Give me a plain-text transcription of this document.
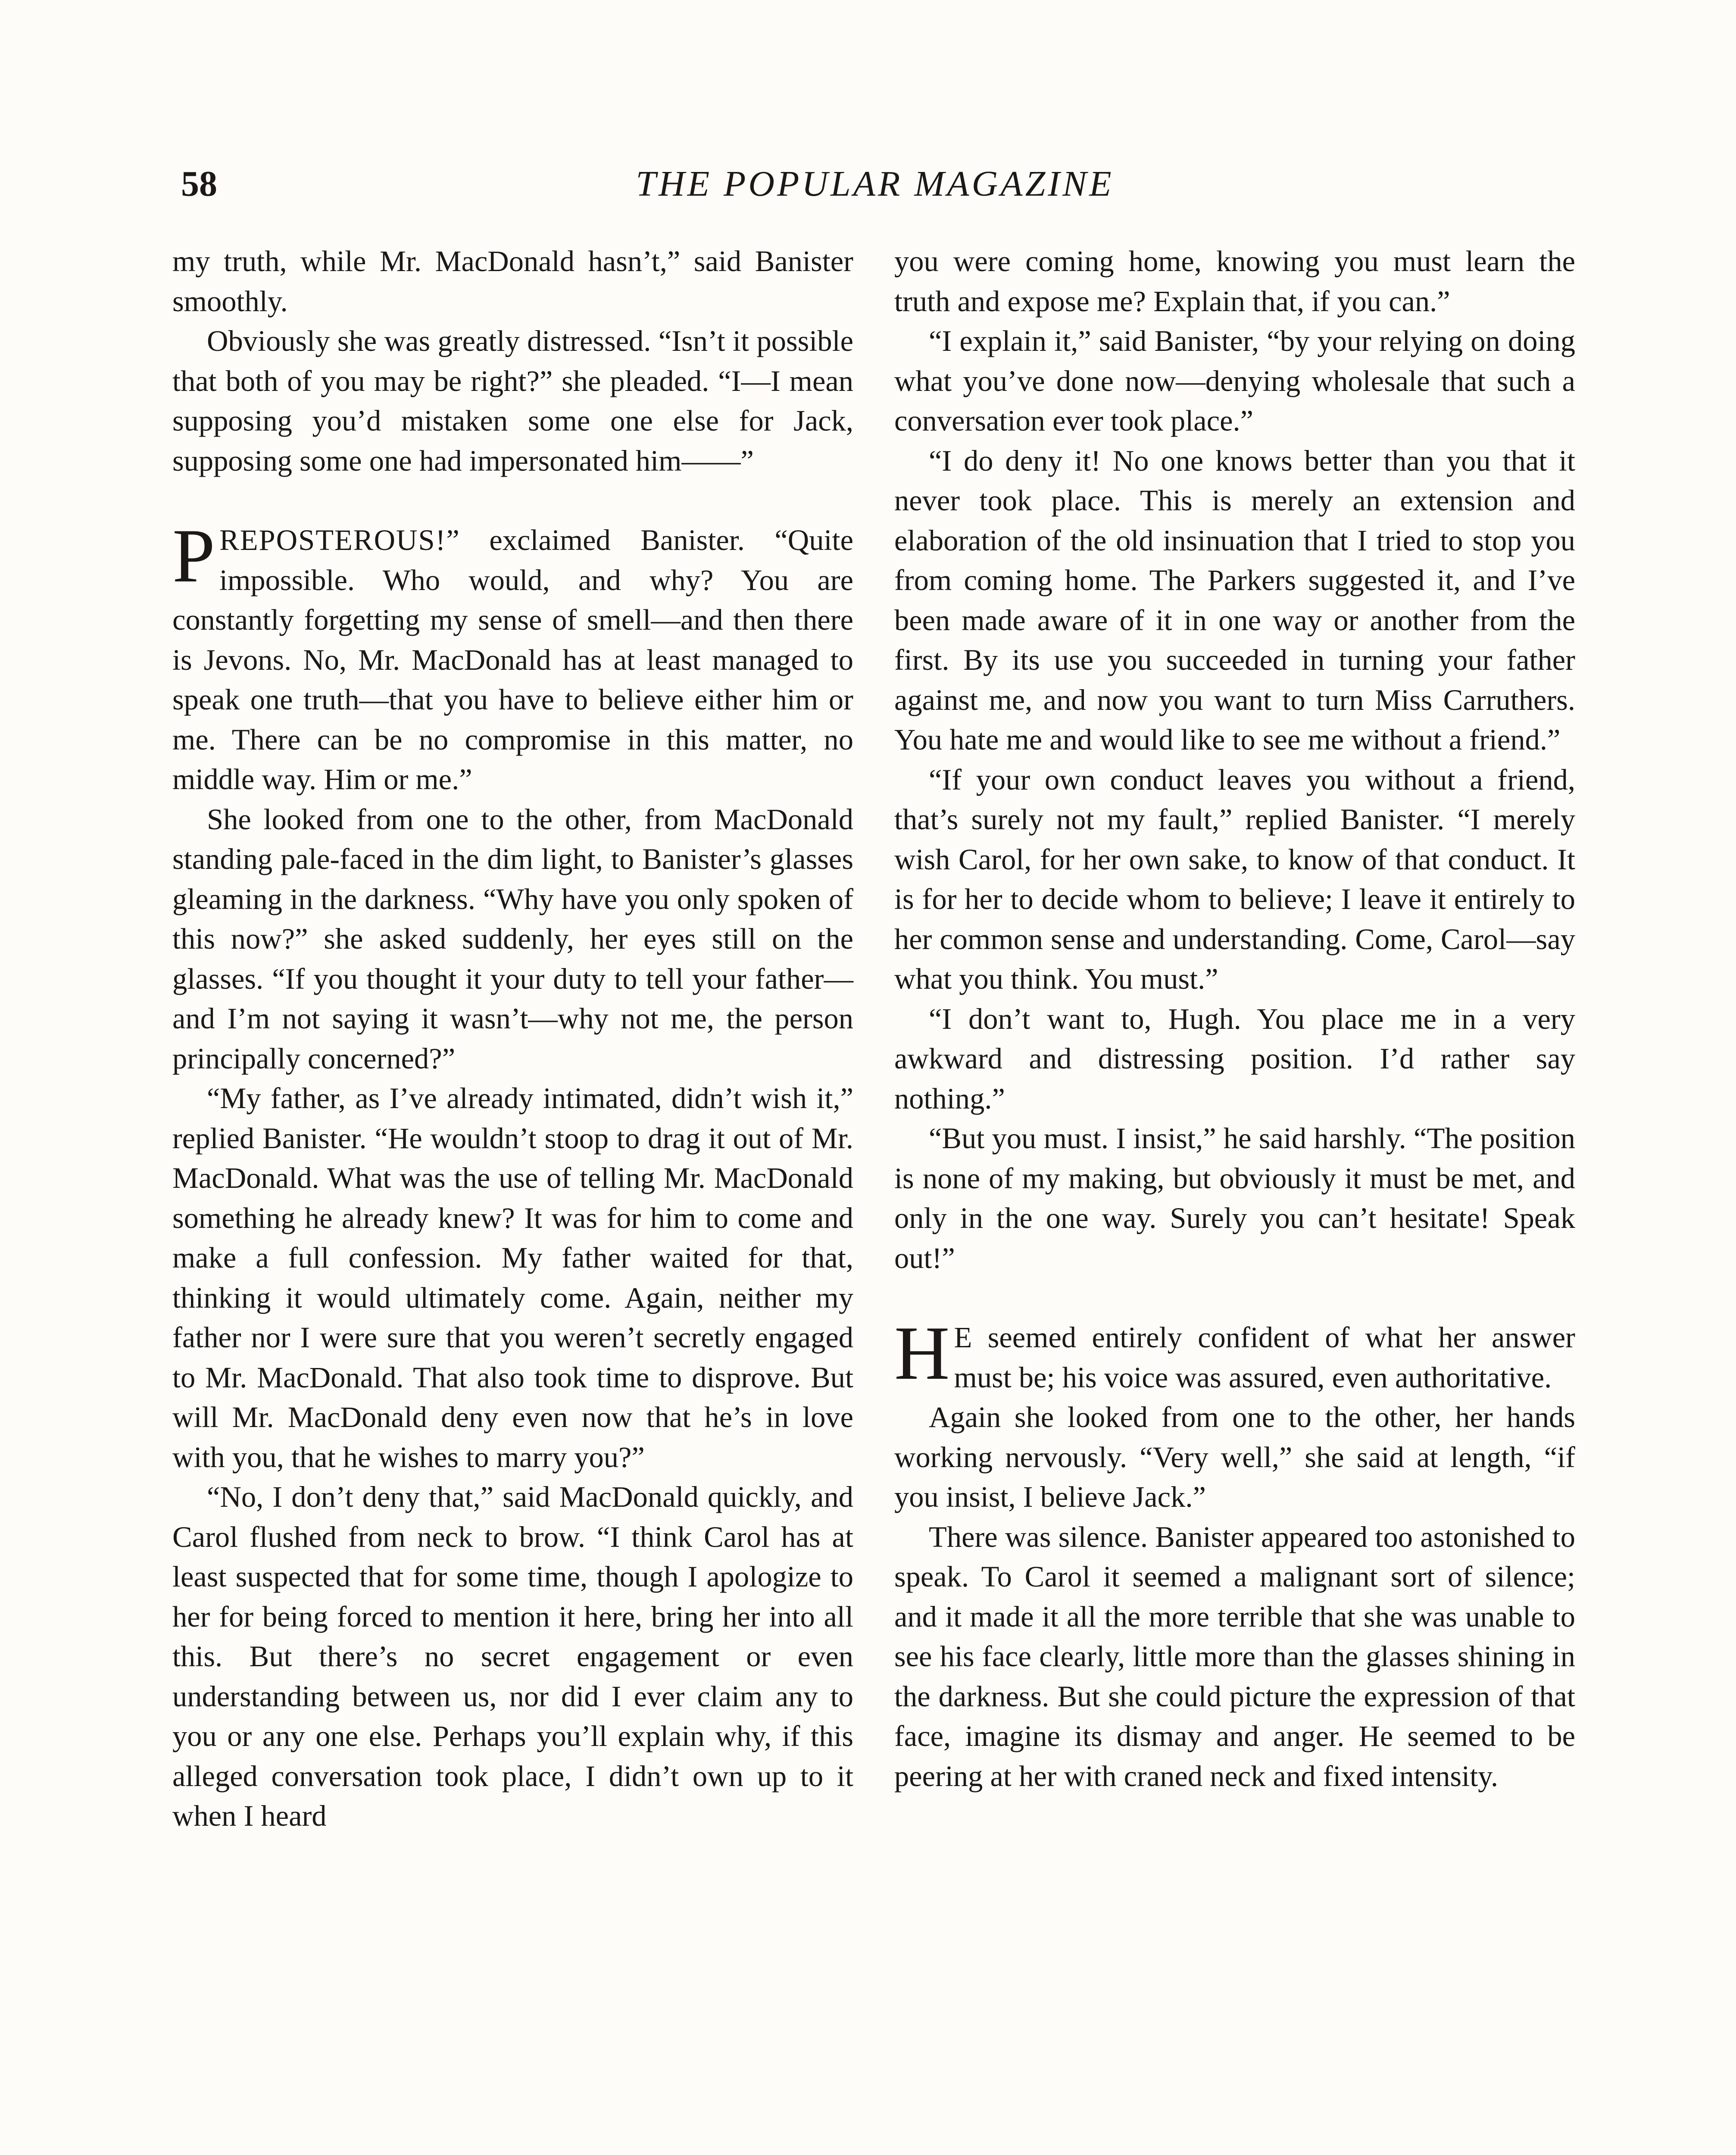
58	THE POPULAR MAGAZINE

my truth, while Mr. MacDonald hasn’t,” said Banister smoothly.

Obviously she was greatly distressed. “Isn’t it possible that both of you may be right?” she pleaded. “I—I mean supposing you’d mistaken some one else for Jack, supposing some one had impersonated him——”

PREPOSTEROUS!” exclaimed Banister. “Quite impossible. Who would, and why? You are constantly forgetting my sense of smell—and then there is Jevons. No, Mr. MacDonald has at least managed to speak one truth—that you have to believe either him or me. There can be no compromise in this matter, no middle way. Him or me.”

She looked from one to the other, from MacDonald standing pale-faced in the dim light, to Banister’s glasses gleaming in the darkness. “Why have you only spoken of this now?” she asked suddenly, her eyes still on the glasses. “If you thought it your duty to tell your father—and I’m not saying it wasn’t—why not me, the person principally concerned?”

“My father, as I’ve already intimated, didn’t wish it,” replied Banister. “He wouldn’t stoop to drag it out of Mr. MacDonald. What was the use of telling Mr. MacDonald something he already knew? It was for him to come and make a full confession. My father waited for that, thinking it would ultimately come. Again, neither my father nor I were sure that you weren’t secretly engaged to Mr. MacDonald. That also took time to disprove. But will Mr. MacDonald deny even now that he’s in love with you, that he wishes to marry you?”

“No, I don’t deny that,” said MacDonald quickly, and Carol flushed from neck to brow. “I think Carol has at least suspected that for some time, though I apologize to her for being forced to mention it here, bring her into all this. But there’s no secret engagement or even understanding between us, nor did I ever claim any to you or any one else. Perhaps you’ll explain why, if this alleged conversation took place, I didn’t own up to it when I heard

you were coming home, knowing you must learn the truth and expose me? Explain that, if you can.”

“I explain it,” said Banister, “by your relying on doing what you’ve done now—denying wholesale that such a conversation ever took place.”

“I do deny it! No one knows better than you that it never took place. This is merely an extension and elaboration of the old insinuation that I tried to stop you from coming home. The Parkers suggested it, and I’ve been made aware of it in one way or another from the first. By its use you succeeded in turning your father against me, and now you want to turn Miss Carruthers. You hate me and would like to see me without a friend.”

“If your own conduct leaves you without a friend, that’s surely not my fault,” replied Banister. “I merely wish Carol, for her own sake, to know of that conduct. It is for her to decide whom to believe; I leave it entirely to her common sense and understanding. Come, Carol—say what you think. You must.”

“I don’t want to, Hugh. You place me in a very awkward and distressing position. I’d rather say nothing.”

“But you must. I insist,” he said harshly. “The position is none of my making, but obviously it must be met, and only in the one way. Surely you can’t hesitate! Speak out!”

H E seemed entirely confident of what her answer must be; his voice was assured, even authoritative.

Again she looked from one to the other, her hands working nervously. “Very well,” she said at length, “if you insist, I believe Jack.”

There was silence. Banister appeared too astonished to speak. To Carol it seemed a malignant sort of silence; and it made it all the more terrible that she was unable to see his face clearly, little more than the glasses shining in the darkness. But she could picture the expression of that face, imagine its dismay and anger. He seemed to be peering at her with craned neck and fixed intensity.
